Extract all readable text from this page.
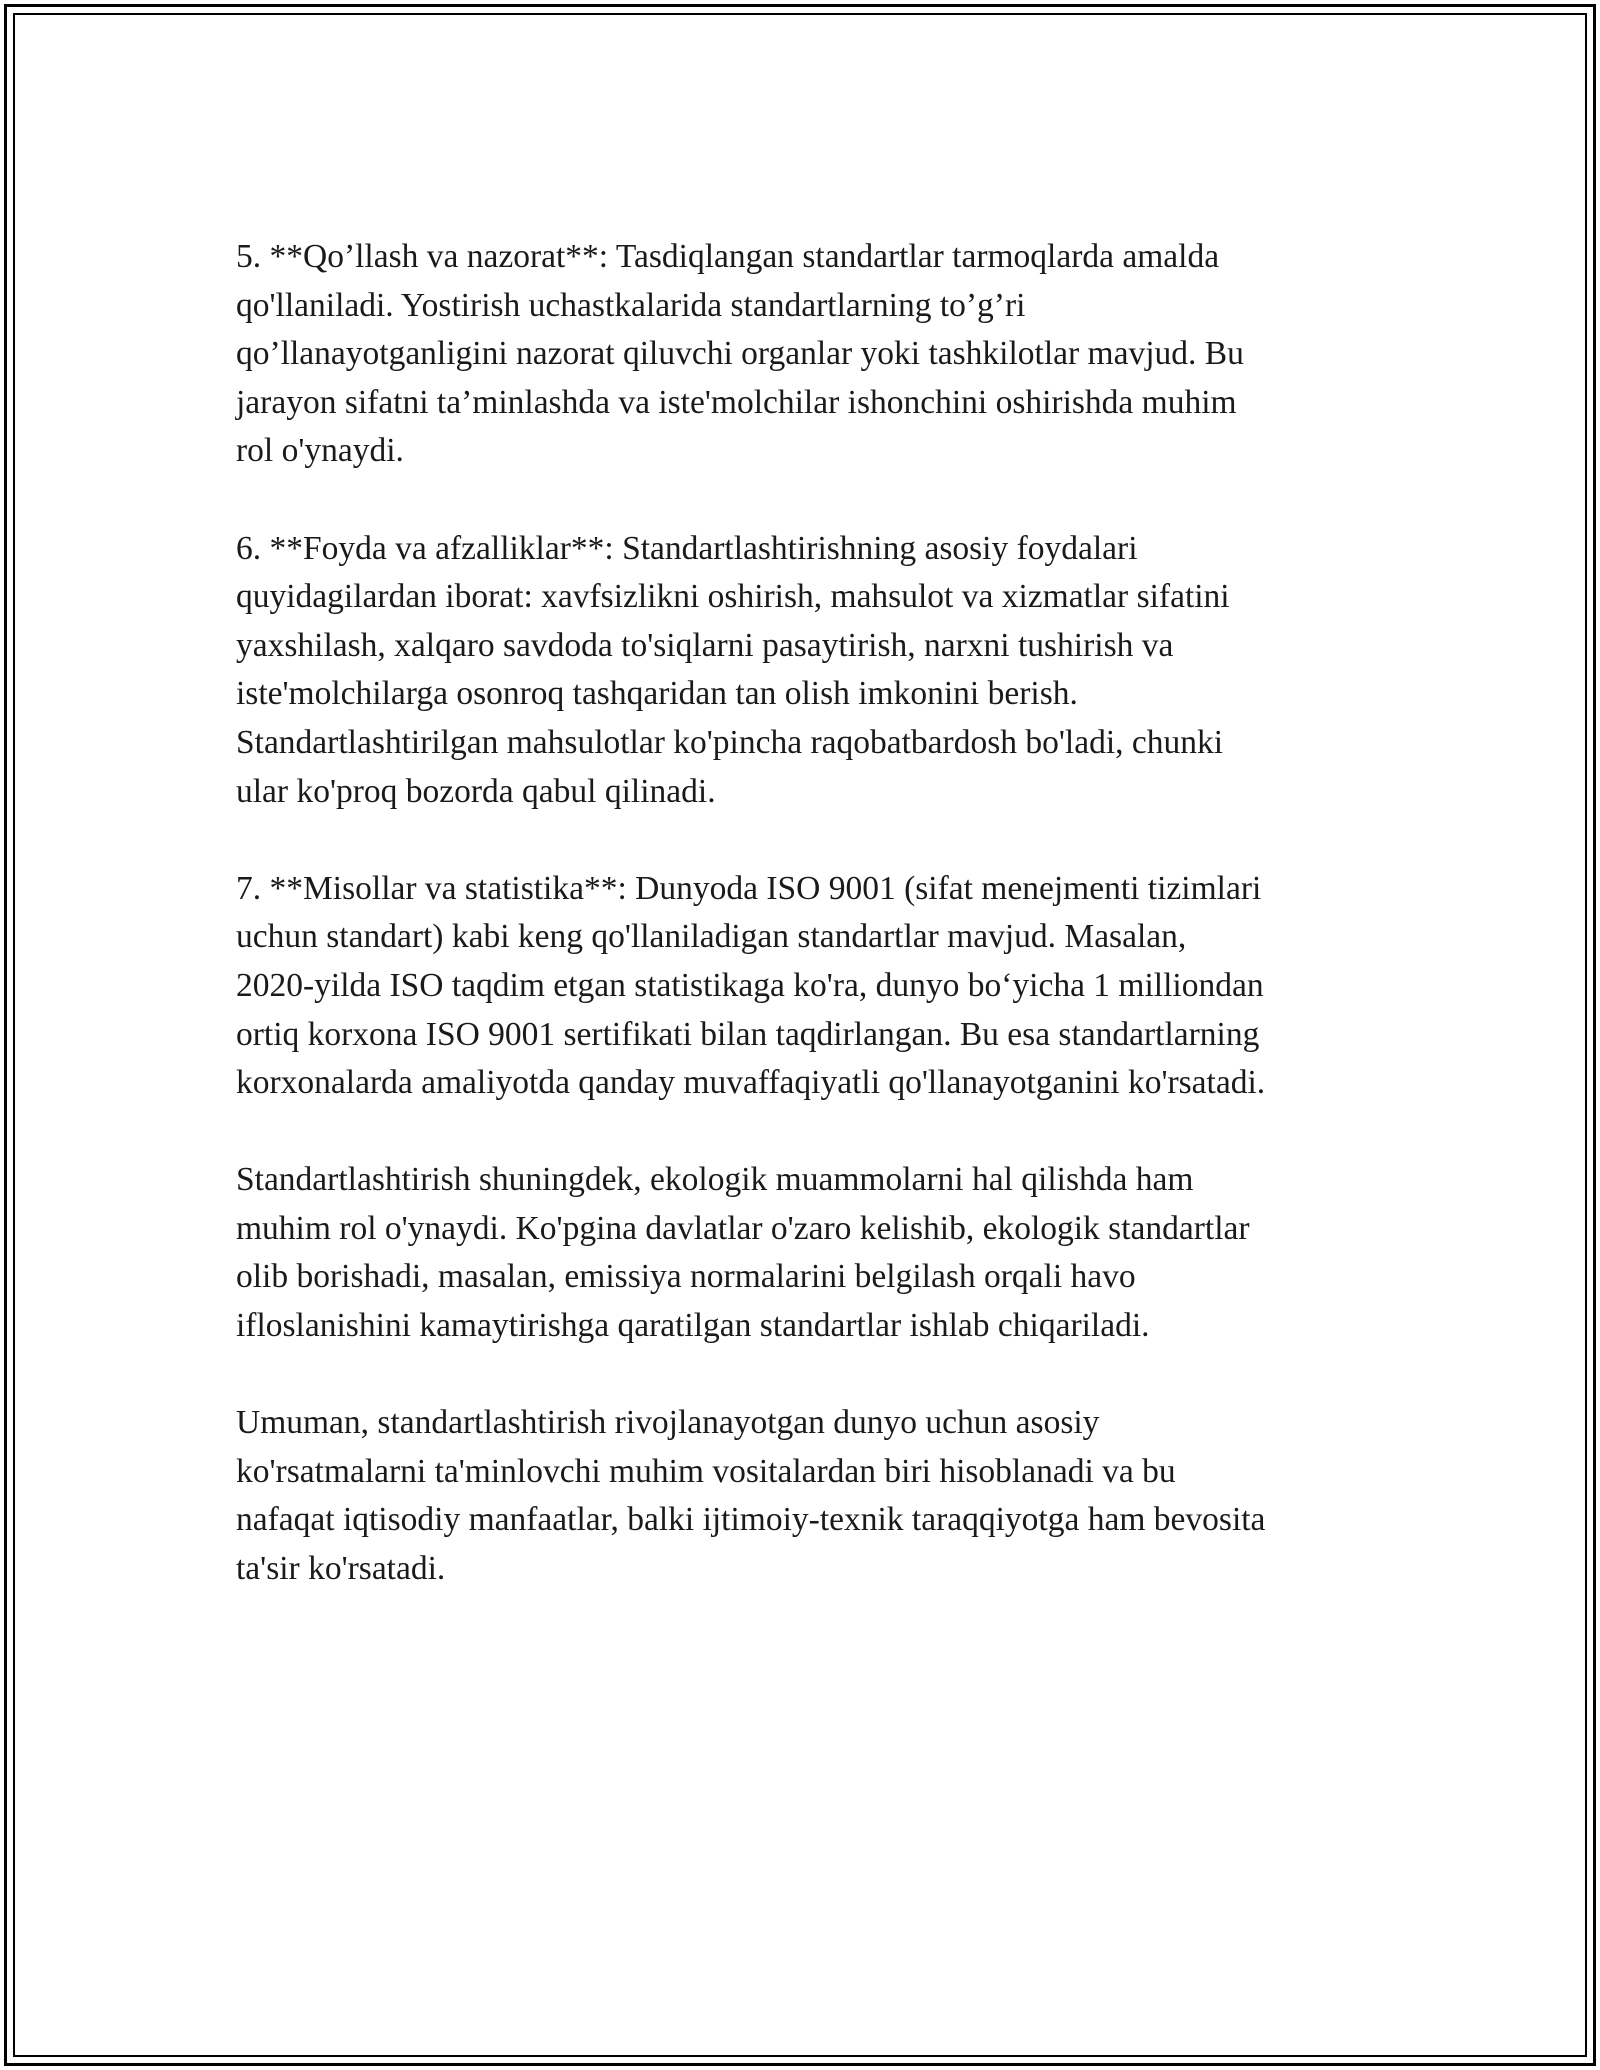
5. **Qo’llash va nazorat**: Tasdiqlangan standartlar tarmoqlarda amalda
qo'llaniladi. Yostirish uchastkalarida standartlarning to’g’ri
qo’llanayotganligini nazorat qiluvchi organlar yoki tashkilotlar mavjud. Bu
jarayon sifatni ta’minlashda va iste'molchilar ishonchini oshirishda muhim
rol o'ynaydi.

6. **Foyda va afzalliklar**: Standartlashtirishning asosiy foydalari
quyidagilardan iborat: xavfsizlikni oshirish, mahsulot va xizmatlar sifatini
yaxshilash, xalqaro savdoda to'siqlarni pasaytirish, narxni tushirish va
iste'molchilarga osonroq tashqaridan tan olish imkonini berish.
Standartlashtirilgan mahsulotlar ko'pincha raqobatbardosh bo'ladi, chunki
ular ko'proq bozorda qabul qilinadi.

7. **Misollar va statistika**: Dunyoda ISO 9001 (sifat menejmenti tizimlari
uchun standart) kabi keng qo'llaniladigan standartlar mavjud. Masalan,
2020-yilda ISO taqdim etgan statistikaga ko'ra, dunyo bo‘yicha 1 milliondan
ortiq korxona ISO 9001 sertifikati bilan taqdirlangan. Bu esa standartlarning
korxonalarda amaliyotda qanday muvaffaqiyatli qo'llanayotganini ko'rsatadi.

Standartlashtirish shuningdek, ekologik muammolarni hal qilishda ham
muhim rol o'ynaydi. Ko'pgina davlatlar o'zaro kelishib, ekologik standartlar
olib borishadi, masalan, emissiya normalarini belgilash orqali havo
ifloslanishini kamaytirishga qaratilgan standartlar ishlab chiqariladi.

Umuman, standartlashtirish rivojlanayotgan dunyo uchun asosiy
ko'rsatmalarni ta'minlovchi muhim vositalardan biri hisoblanadi va bu
nafaqat iqtisodiy manfaatlar, balki ijtimoiy-texnik taraqqiyotga ham bevosita
ta'sir ko'rsatadi.
